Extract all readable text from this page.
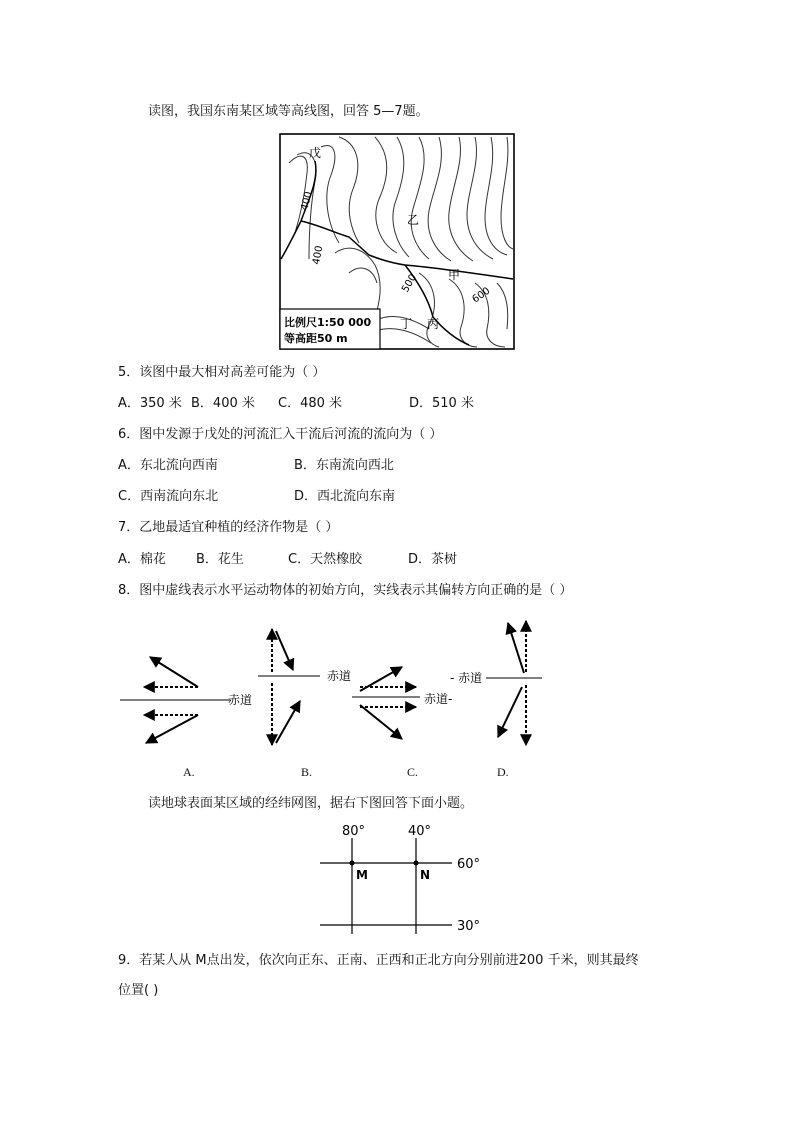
读图，我国东南某区域等高线图，回答 5—7题。
戊
乙
甲
丁 丙
400
400
500
600
比例尺1:50 000
等高距50 m
5．该图中最大相对高差可能为（ ）
A．350 米 B．400 米 C．480 米	D．510 米
6．图中发源于戊处的河流汇入干流后河流的流向为（ ）
A．东北流向西南	B．东南流向西北
C．西南流向东北	D．西北流向东南
7．乙地最适宜种植的经济作物是（ ）
A．棉花 B．花生	C．天然橡胶	D．茶树
8．图中虚线表示水平运动物体的初始方向，实线表示其偏转方向正确的是（ ）
赤道
赤道
赤道-
- 赤道
A.	B.	C.	D.
读地球表面某区域的经纬网图，据右下图回答下面小题。
80°	40°
60°
30°
M	N
9．若某人从 M点出发，依次向正东、正南、正西和正北方向分别前进200 千米，则其最终
位置( )
